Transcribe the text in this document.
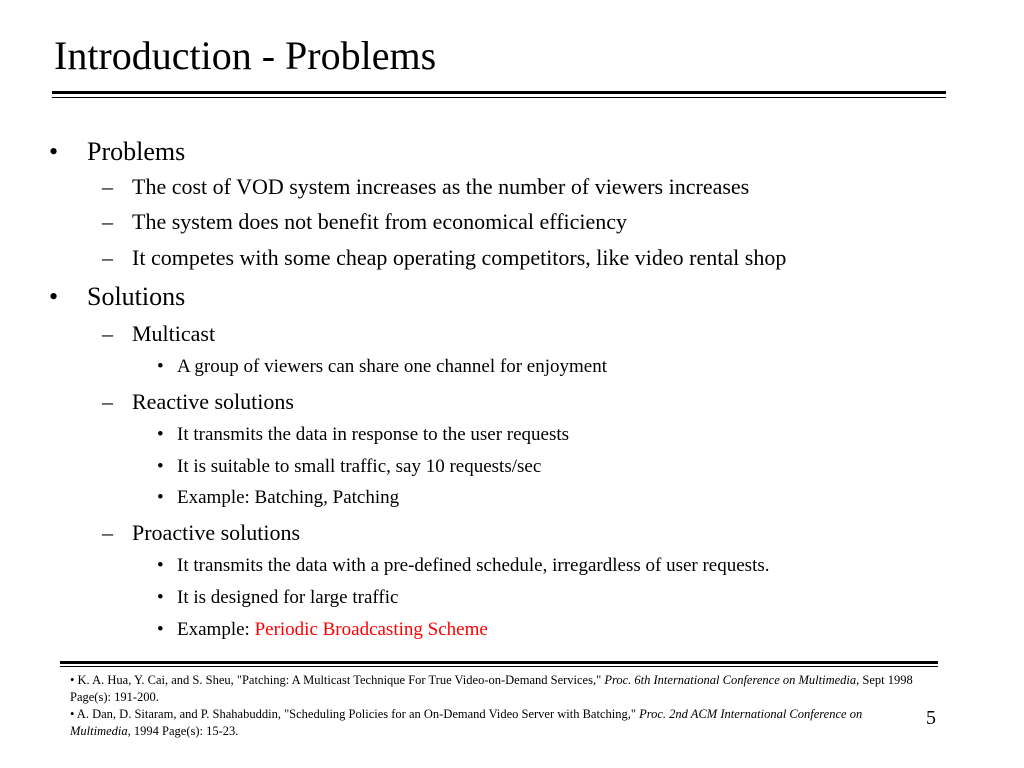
Introduction - Problems
• Problems
– The cost of VOD system increases as the number of viewers increases
– The system does not benefit from economical efficiency
– It competes with some cheap operating competitors, like video rental shop
• Solutions
– Multicast
• A group of viewers can share one channel for enjoyment
– Reactive solutions
• It transmits the data in response to the user requests
• It is suitable to small traffic, say 10 requests/sec
• Example: Batching, Patching
– Proactive solutions
• It transmits the data with a pre-defined schedule, irregardless of user requests.
• It is designed for large traffic
• Example: Periodic Broadcasting Scheme
• K. A. Hua, Y. Cai, and S. Sheu, "Patching: A Multicast Technique For True Video-on-Demand Services," Proc. 6th International Conference on Multimedia, Sept 1998 Page(s): 191-200.
• A. Dan, D. Sitaram, and P. Shahabuddin, "Scheduling Policies for an On-Demand Video Server with Batching," Proc. 2nd ACM International Conference on Multimedia, 1994 Page(s): 15-23.
5
